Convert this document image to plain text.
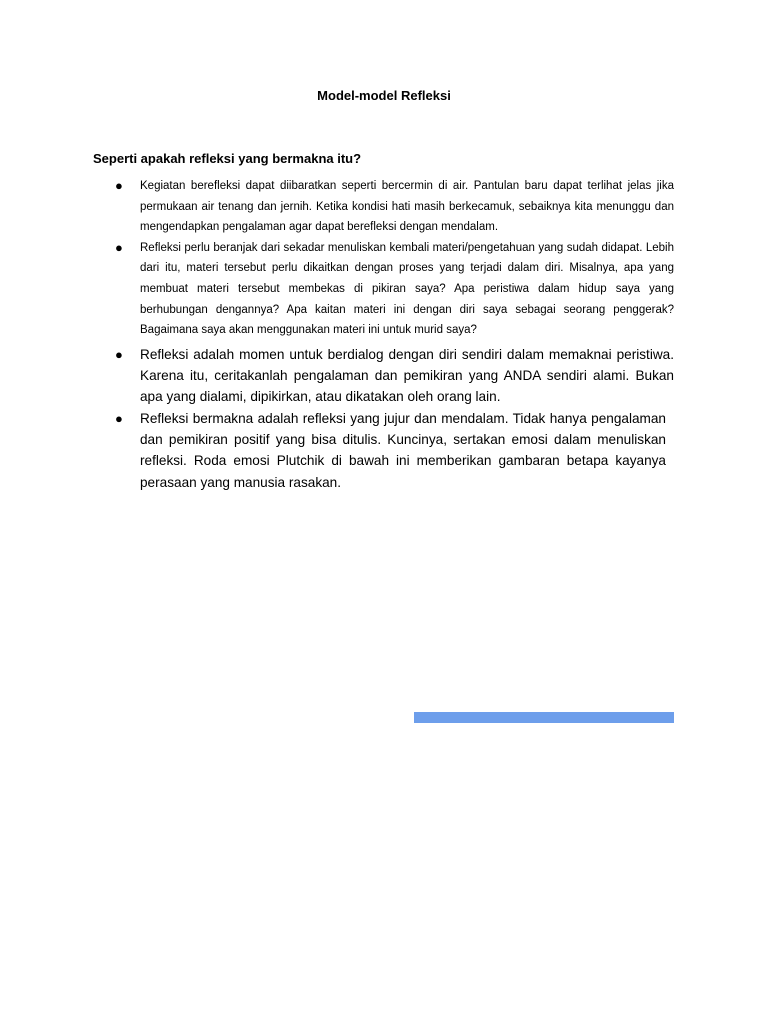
Model-model Refleksi
Seperti apakah refleksi yang bermakna itu?
● Kegiatan berefleksi dapat diibaratkan seperti bercermin di air. Pantulan baru dapat terlihat jelas jika permukaan air tenang dan jernih. Ketika kondisi hati masih berkecamuk, sebaiknya kita menunggu dan mengendapkan pengalaman agar dapat berefleksi dengan mendalam.
● Refleksi perlu beranjak dari sekadar menuliskan kembali materi/pengetahuan yang sudah didapat. Lebih dari itu, materi tersebut perlu dikaitkan dengan proses yang terjadi dalam diri. Misalnya, apa yang membuat materi tersebut membekas di pikiran saya? Apa peristiwa dalam hidup saya yang berhubungan dengannya? Apa kaitan materi ini dengan diri saya sebagai seorang penggerak? Bagaimana saya akan menggunakan materi ini untuk murid saya?
● Refleksi adalah momen untuk berdialog dengan diri sendiri dalam memaknai peristiwa. Karena itu, ceritakanlah pengalaman dan pemikiran yang ANDA sendiri alami. Bukan apa yang dialami, dipikirkan, atau dikatakan oleh orang lain.
● Refleksi bermakna adalah refleksi yang jujur dan mendalam. Tidak hanya pengalaman dan pemikiran positif yang bisa ditulis. Kuncinya, sertakan emosi dalam menuliskan refleksi. Roda emosi Plutchik di bawah ini memberikan gambaran betapa kayanya perasaan yang manusia rasakan.
